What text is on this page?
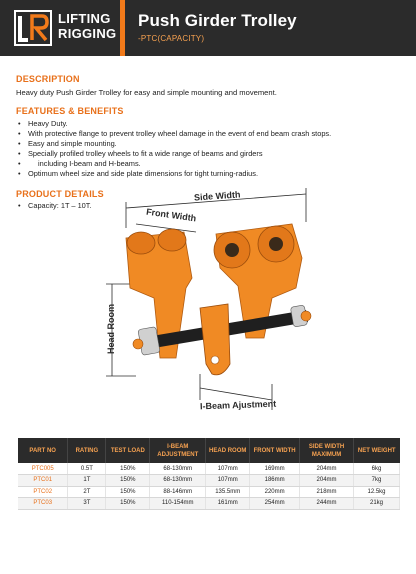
LIFTING
RIGGING
Push Girder Trolley
-PTC(CAPACITY)
DESCRIPTION
Heavy duty Push Girder Trolley for easy and simple mounting and movement.
FEATURES & BENEFITS
• Heavy Duty.
• With protective flange to prevent trolley wheel damage in the event of end beam crash stops.
• Easy and simple mounting.
• Specially profiled trolley wheels to fit a wide range of beams and girders
• including I-beam and H-beams.
• Optimum wheel size and side plate dimensions for tight turning-radius.
PRODUCT DETAILS
• Capacity: 1T – 10T.
Side Width
Front Width
Head Room
I-Beam Ajustment
PART NO	RATING	TEST LOAD	I-BEAM ADJUSTMENT	HEAD ROOM	FRONT WIDTH	SIDE WIDTH MAXIMUM	NET WEIGHT
PTC005	0.5T	150%	68-130mm	107mm	169mm	204mm	6kg
PTC01	1T	150%	68-130mm	107mm	186mm	204mm	7kg
PTC02	2T	150%	88-146mm	135.5mm	220mm	218mm	12.5kg
PTC03	3T	150%	110-154mm	161mm	254mm	244mm	21kg
